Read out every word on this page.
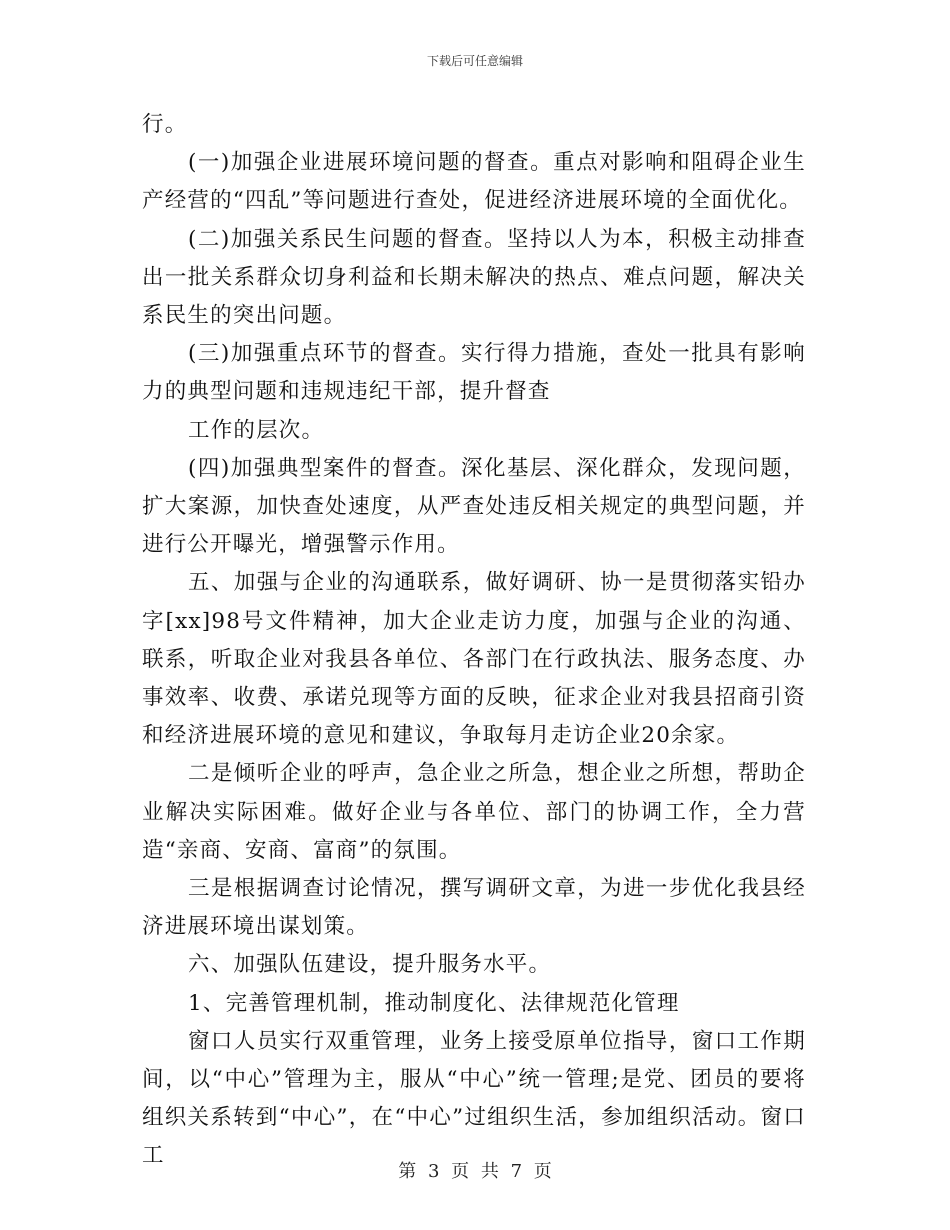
下载后可任意编辑

行。

(一)加强企业进展环境问题的督查。重点对影响和阻碍企业生产经营的“四乱”等问题进行查处，促进经济进展环境的全面优化。

(二)加强关系民生问题的督查。坚持以人为本，积极主动排查出一批关系群众切身利益和长期未解决的热点、难点问题，解决关系民生的突出问题。

(三)加强重点环节的督查。实行得力措施，查处一批具有影响力的典型问题和违规违纪干部，提升督查

工作的层次。

(四)加强典型案件的督查。深化基层、深化群众，发现问题，扩大案源，加快查处速度，从严查处违反相关规定的典型问题，并进行公开曝光，增强警示作用。

五、加强与企业的沟通联系，做好调研、协一是贯彻落实铅办字[xx]98号文件精神，加大企业走访力度，加强与企业的沟通、联系，听取企业对我县各单位、各部门在行政执法、服务态度、办事效率、收费、承诺兑现等方面的反映，征求企业对我县招商引资和经济进展环境的意见和建议，争取每月走访企业20余家。

二是倾听企业的呼声，急企业之所急，想企业之所想，帮助企业解决实际困难。做好企业与各单位、部门的协调工作，全力营造“亲商、安商、富商”的氛围。

三是根据调查讨论情况，撰写调研文章，为进一步优化我县经济进展环境出谋划策。

六、加强队伍建设，提升服务水平。

1、完善管理机制，推动制度化、法律规范化管理

窗口人员实行双重管理，业务上接受原单位指导，窗口工作期间，以“中心”管理为主，服从“中心”统一管理;是党、团员的要将组织关系转到“中心”，在“中心”过组织生活，参加组织活动。窗口工

第 3 页 共 7 页
